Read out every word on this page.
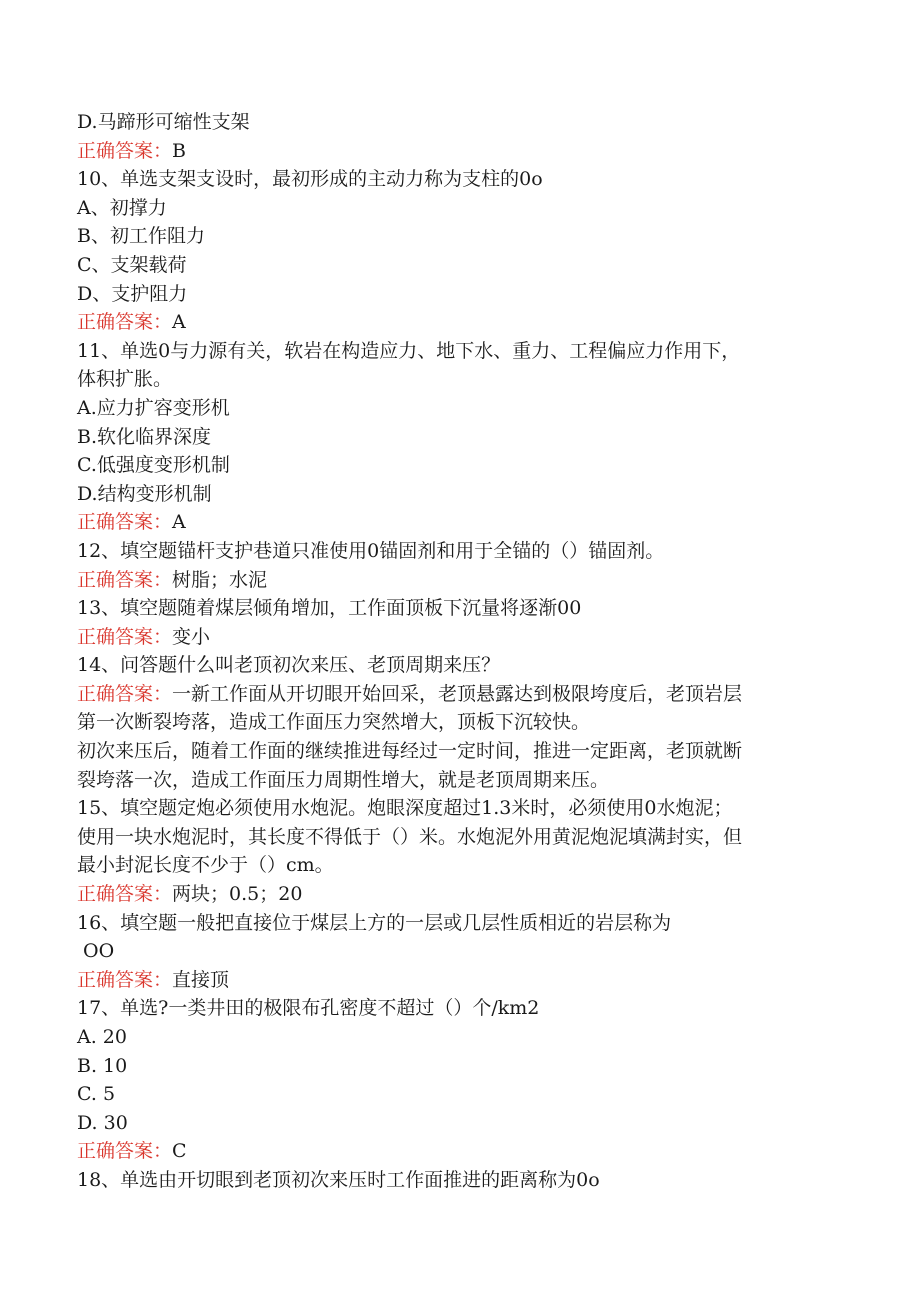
D.马蹄形可缩性支架

正确答案：B

10、单选支架支设时，最初形成的主动力称为支柱的0o

A、初撑力

B、初工作阻力

C、支架载荷

D、支护阻力

正确答案：A

11、单选0与力源有关，软岩在构造应力、地下水、重力、工程偏应力作用下，

体积扩胀。

A.应力扩容变形机

B.软化临界深度

C.低强度变形机制

D.结构变形机制

正确答案：A

12、填空题锚杆支护巷道只准使用0锚固剂和用于全锚的（）锚固剂。

正确答案：树脂；水泥

13、填空题随着煤层倾角增加，工作面顶板下沉量将逐渐00

正确答案：变小

14、问答题什么叫老顶初次来压、老顶周期来压？

正确答案：一新工作面从开切眼开始回采，老顶悬露达到极限垮度后，老顶岩层

第一次断裂垮落，造成工作面压力突然增大，顶板下沉较快。

初次来压后，随着工作面的继续推进每经过一定时间，推进一定距离，老顶就断

裂垮落一次，造成工作面压力周期性增大，就是老顶周期来压。

15、填空题定炮必须使用水炮泥。炮眼深度超过1.3米时，必须使用0水炮泥；

使用一块水炮泥时，其长度不得低于（）米。水炮泥外用黄泥炮泥填满封实，但

最小封泥长度不少于（）cm。

正确答案：两块；0.5；20

16、填空题一般把直接位于煤层上方的一层或几层性质相近的岩层称为

OO

正确答案：直接顶

17、单选?一类井田的极限布孔密度不超过（）个/km2

A. 20

B. 10

C. 5

D. 30

正确答案：C

18、单选由开切眼到老顶初次来压时工作面推进的距离称为0o
